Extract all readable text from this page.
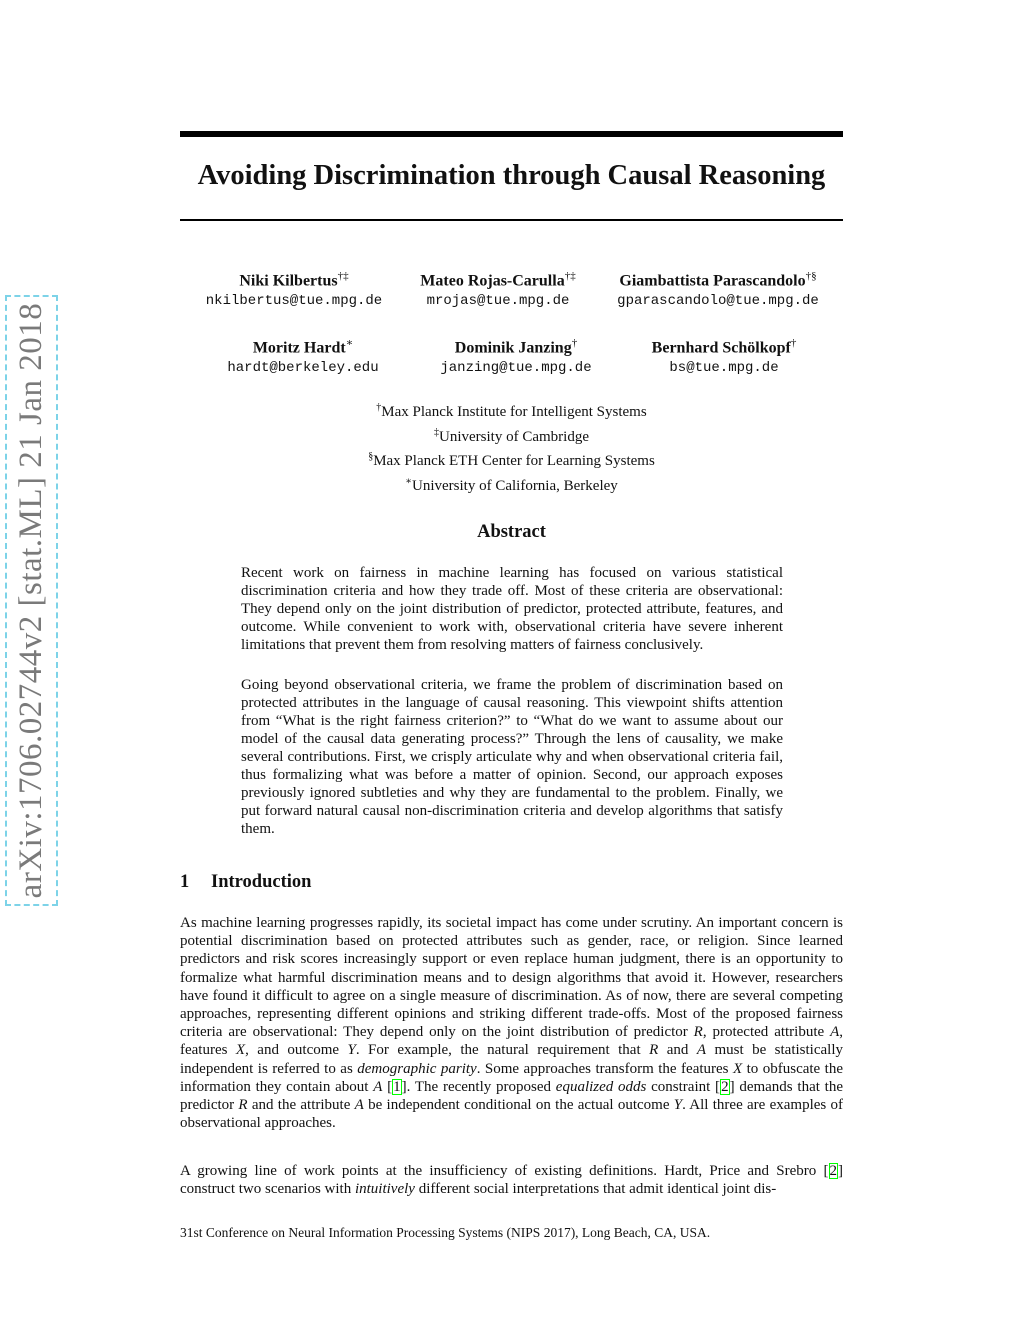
arXiv:1706.02744v2 [stat.ML] 21 Jan 2018
Avoiding Discrimination through Causal Reasoning
Niki Kilbertus†‡
nkilbertus@tue.mpg.de
Mateo Rojas-Carulla†‡
mrojas@tue.mpg.de
Giambattista Parascandolo†§
gparascandolo@tue.mpg.de
Moritz Hardt∗
hardt@berkeley.edu
Dominik Janzing†
janzing@tue.mpg.de
Bernhard Schölkopf†
bs@tue.mpg.de
†Max Planck Institute for Intelligent Systems
‡University of Cambridge
§Max Planck ETH Center for Learning Systems
∗University of California, Berkeley
Abstract
Recent work on fairness in machine learning has focused on various statistical discrimination criteria and how they trade off. Most of these criteria are observational: They depend only on the joint distribution of predictor, protected attribute, features, and outcome. While convenient to work with, observational criteria have severe inherent limitations that prevent them from resolving matters of fairness conclusively.
Going beyond observational criteria, we frame the problem of discrimination based on protected attributes in the language of causal reasoning. This viewpoint shifts attention from “What is the right fairness criterion?” to “What do we want to assume about our model of the causal data generating process?” Through the lens of causality, we make several contributions. First, we crisply articulate why and when observational criteria fail, thus formalizing what was before a matter of opinion. Second, our approach exposes previously ignored subtleties and why they are fundamental to the problem. Finally, we put forward natural causal non-discrimination criteria and develop algorithms that satisfy them.
1 Introduction
As machine learning progresses rapidly, its societal impact has come under scrutiny. An important concern is potential discrimination based on protected attributes such as gender, race, or religion. Since learned predictors and risk scores increasingly support or even replace human judgment, there is an opportunity to formalize what harmful discrimination means and to design algorithms that avoid it. However, researchers have found it difficult to agree on a single measure of discrimination. As of now, there are several competing approaches, representing different opinions and striking different trade-offs. Most of the proposed fairness criteria are observational: They depend only on the joint distribution of predictor R, protected attribute A, features X, and outcome Y. For example, the natural requirement that R and A must be statistically independent is referred to as demographic parity. Some approaches transform the features X to obfuscate the information they contain about A [1]. The recently proposed equalized odds constraint [2] demands that the predictor R and the attribute A be independent conditional on the actual outcome Y. All three are examples of observational approaches.
A growing line of work points at the insufficiency of existing definitions. Hardt, Price and Srebro [2] construct two scenarios with intuitively different social interpretations that admit identical joint dis-
31st Conference on Neural Information Processing Systems (NIPS 2017), Long Beach, CA, USA.
